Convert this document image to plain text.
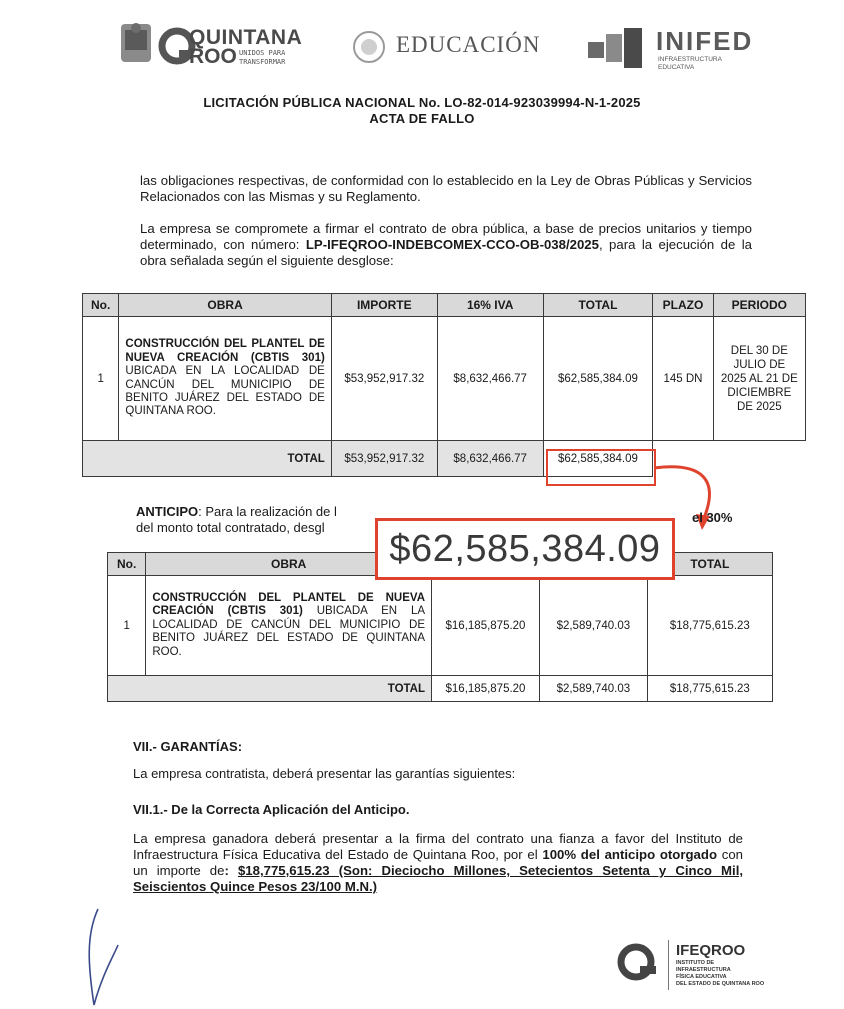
QUINTANA
ROO UNIDOS PARA
TRANSFORMAR
EDUCACIÓN	INIFED
INFRAESTRUCTURA
EDUCATIVA
LICITACIÓN PÚBLICA NACIONAL No. LO-82-014-923039994-N-1-2025
ACTA DE FALLO
las obligaciones respectivas, de conformidad con lo establecido en la Ley de Obras Públicas y Servicios Relacionados con las Mismas y su Reglamento.
La empresa se compromete a firmar el contrato de obra pública, a base de precios unitarios y tiempo determinado, con número: LP-IFEQROO-INDEBCOMEX-CCO-OB-038/2025, para la ejecución de la obra señalada según el siguiente desglose:
No.	OBRA	IMPORTE	16% IVA	TOTAL	PLAZO	PERIODO
1	CONSTRUCCIÓN DEL PLANTEL DE NUEVA CREACIÓN (CBTIS 301) UBICADA EN LA LOCALIDAD DE CANCÚN DEL MUNICIPIO DE BENITO JUÁREZ DEL ESTADO DE QUINTANA ROO.	$53,952,917.32	$8,632,466.77	$62,585,384.09	145 DN	DEL 30 DE JULIO DE 2025 AL 21 DE DICIEMBRE DE 2025
TOTAL		$53,952,917.32	$8,632,466.77	$62,585,384.09		
ANTICIPO: Para la realización de l
del monto total contratado, desgl
el 30%
No.	OBRA			TOTAL
1	CONSTRUCCIÓN DEL PLANTEL DE NUEVA CREACIÓN (CBTIS 301) UBICADA EN LA LOCALIDAD DE CANCÚN DEL MUNICIPIO DE BENITO JUÁREZ DEL ESTADO DE QUINTANA ROO.	$16,185,875.20	$2,589,740.03	$18,775,615.23
TOTAL		$16,185,875.20	$2,589,740.03	$18,775,615.23
$62,585,384.09
VII.- GARANTÍAS:
La empresa contratista, deberá presentar las garantías siguientes:
VII.1.- De la Correcta Aplicación del Anticipo.
La empresa ganadora deberá presentar a la firma del contrato una fianza a favor del Instituto de Infraestructura Física Educativa del Estado de Quintana Roo, por el 100% del anticipo otorgado con un importe de: $18,775,615.23 (Son: Dieciocho Millones, Setecientos Setenta y Cinco Mil, Seiscientos Quince Pesos 23/100 M.N.)
IFEQROO
INSTITUTO DE
INFRAESTRUCTURA
FÍSICA EDUCATIVA
DEL ESTADO DE QUINTANA ROO
